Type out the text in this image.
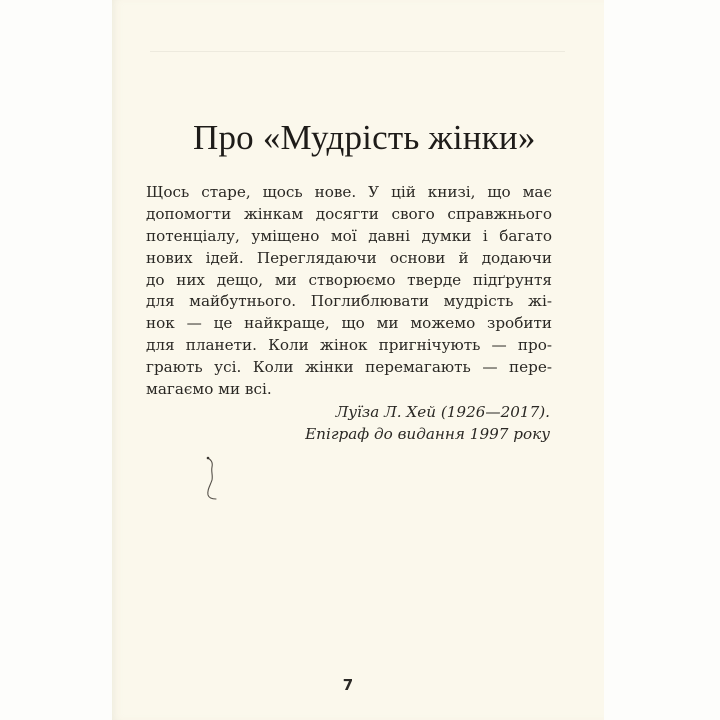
Про «Мудрість жінки»
Щось старе, щось нове. У цій книзі, що має
допомогти жінкам досягти свого справжнього
потенціалу, уміщено мої давні думки і багато
нових ідей. Переглядаючи основи й додаючи
до них дещо, ми створюємо тверде підґрунтя
для майбутнього. Поглиблювати мудрість жі-
нок — це найкраще, що ми можемо зробити
для планети. Коли жінок пригнічують — про-
грають усі. Коли жінки перемагають — пере-
магаємо ми всі.
Луїза Л. Хей (1926—2017).
Епіграф до видання 1997 року
7
